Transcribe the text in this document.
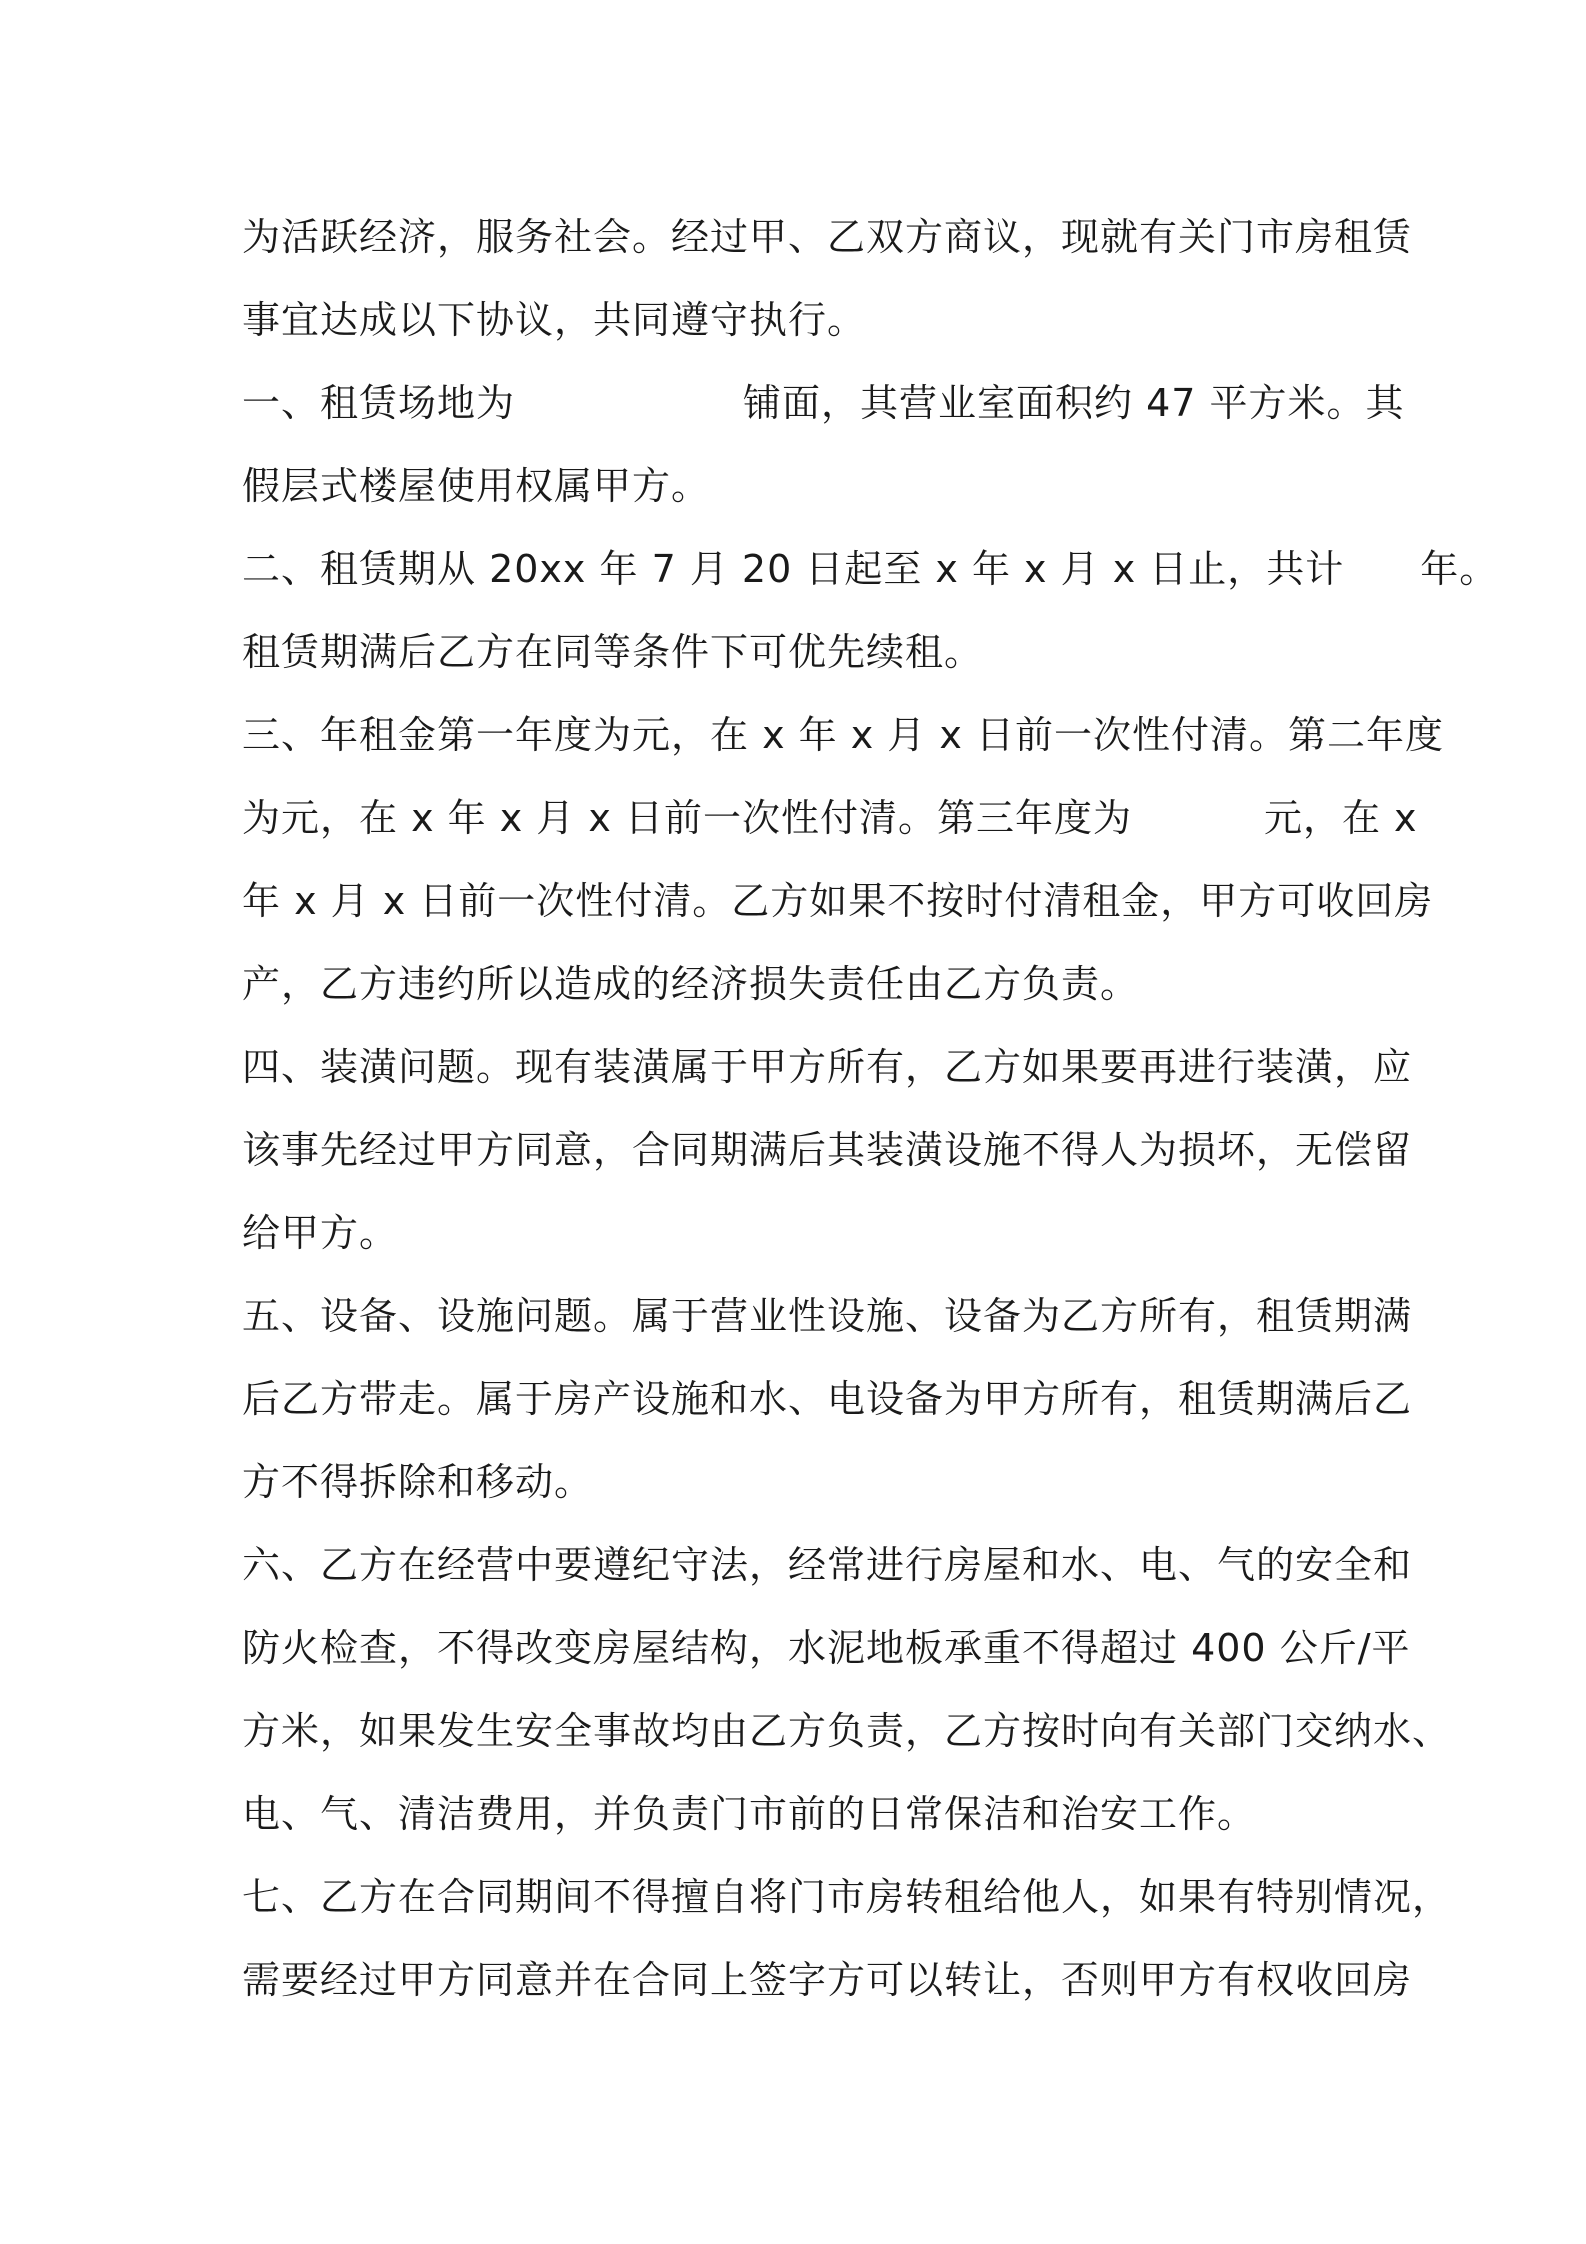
为活跃经济，服务社会。经过甲、乙双方商议，现就有关门市房租赁
事宜达成以下协议，共同遵守执行。
一、租赁场地为	铺面，其营业室面积约 47 平方米。其
假层式楼屋使用权属甲方。
二、租赁期从 20xx 年 7 月 20 日起至 x 年 x 月 x 日止，共计 年。
租赁期满后乙方在同等条件下可优先续租。
三、年租金第一年度为元，在 x 年 x 月 x 日前一次性付清。第二年度
为元，在 x 年 x 月 x 日前一次性付清。第三年度为	元，在 x
年 x 月 x 日前一次性付清。乙方如果不按时付清租金，甲方可收回房
产，乙方违约所以造成的经济损失责任由乙方负责。
四、装潢问题。现有装潢属于甲方所有，乙方如果要再进行装潢，应
该事先经过甲方同意，合同期满后其装潢设施不得人为损坏，无偿留
给甲方。
五、设备、设施问题。属于营业性设施、设备为乙方所有，租赁期满
后乙方带走。属于房产设施和水、电设备为甲方所有，租赁期满后乙
方不得拆除和移动。
六、乙方在经营中要遵纪守法，经常进行房屋和水、电、气的安全和
防火检查，不得改变房屋结构，水泥地板承重不得超过 400 公斤/平
方米，如果发生安全事故均由乙方负责，乙方按时向有关部门交纳水、
电、气、清洁费用，并负责门市前的日常保洁和治安工作。
七、乙方在合同期间不得擅自将门市房转租给他人，如果有特别情况，
需要经过甲方同意并在合同上签字方可以转让，否则甲方有权收回房
